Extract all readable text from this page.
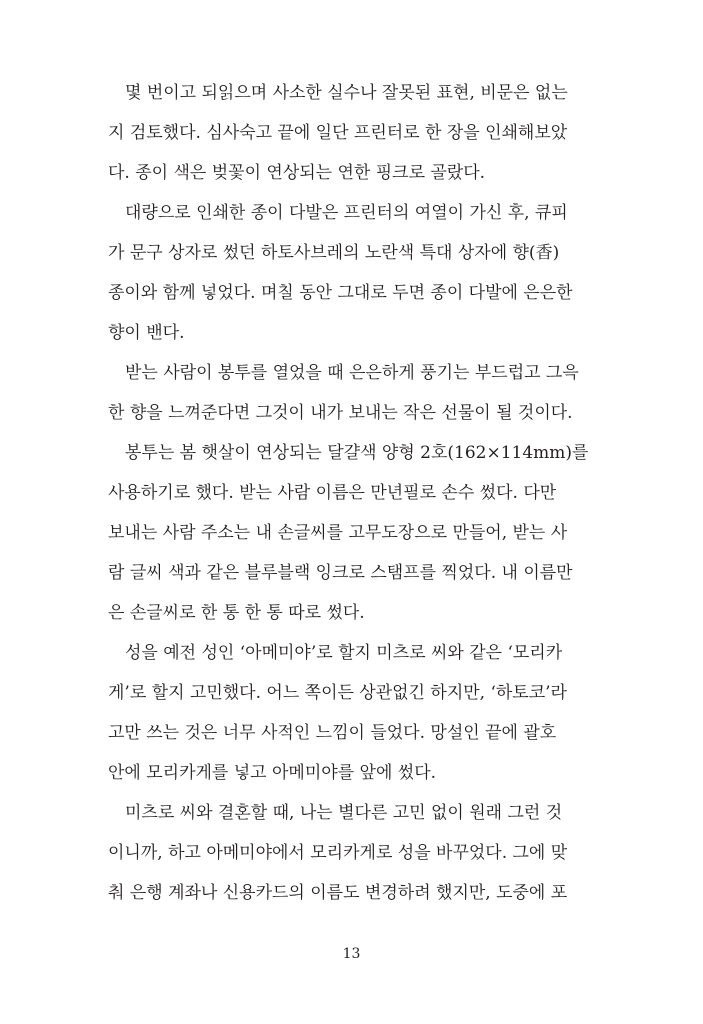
몇 번이고 되읽으며 사소한 실수나 잘못된 표현, 비문은 없는
지 검토했다. 심사숙고 끝에 일단 프린터로 한 장을 인쇄해보았
다. 종이 색은 벚꽃이 연상되는 연한 핑크로 골랐다.
대량으로 인쇄한 종이 다발은 프린터의 여열이 가신 후, 큐피
가 문구 상자로 썼던 하토사브레의 노란색 특대 상자에 향(香)
종이와 함께 넣었다. 며칠 동안 그대로 두면 종이 다발에 은은한
향이 밴다.
받는 사람이 봉투를 열었을 때 은은하게 풍기는 부드럽고 그윽
한 향을 느껴준다면 그것이 내가 보내는 작은 선물이 될 것이다.
봉투는 봄 햇살이 연상되는 달걀색 양형 2호(162×114mm)를
사용하기로 했다. 받는 사람 이름은 만년필로 손수 썼다. 다만
보내는 사람 주소는 내 손글씨를 고무도장으로 만들어, 받는 사
람 글씨 색과 같은 블루블랙 잉크로 스탬프를 찍었다. 내 이름만
은 손글씨로 한 통 한 통 따로 썼다.
성을 예전 성인 ‘아메미야’로 할지 미츠로 씨와 같은 ‘모리카
게’로 할지 고민했다. 어느 쪽이든 상관없긴 하지만, ‘하토코’라
고만 쓰는 것은 너무 사적인 느낌이 들었다. 망설인 끝에 괄호
안에 모리카게를 넣고 아메미야를 앞에 썼다.
미츠로 씨와 결혼할 때, 나는 별다른 고민 없이 원래 그런 것
이니까, 하고 아메미야에서 모리카게로 성을 바꾸었다. 그에 맞
춰 은행 계좌나 신용카드의 이름도 변경하려 했지만, 도중에 포
13
